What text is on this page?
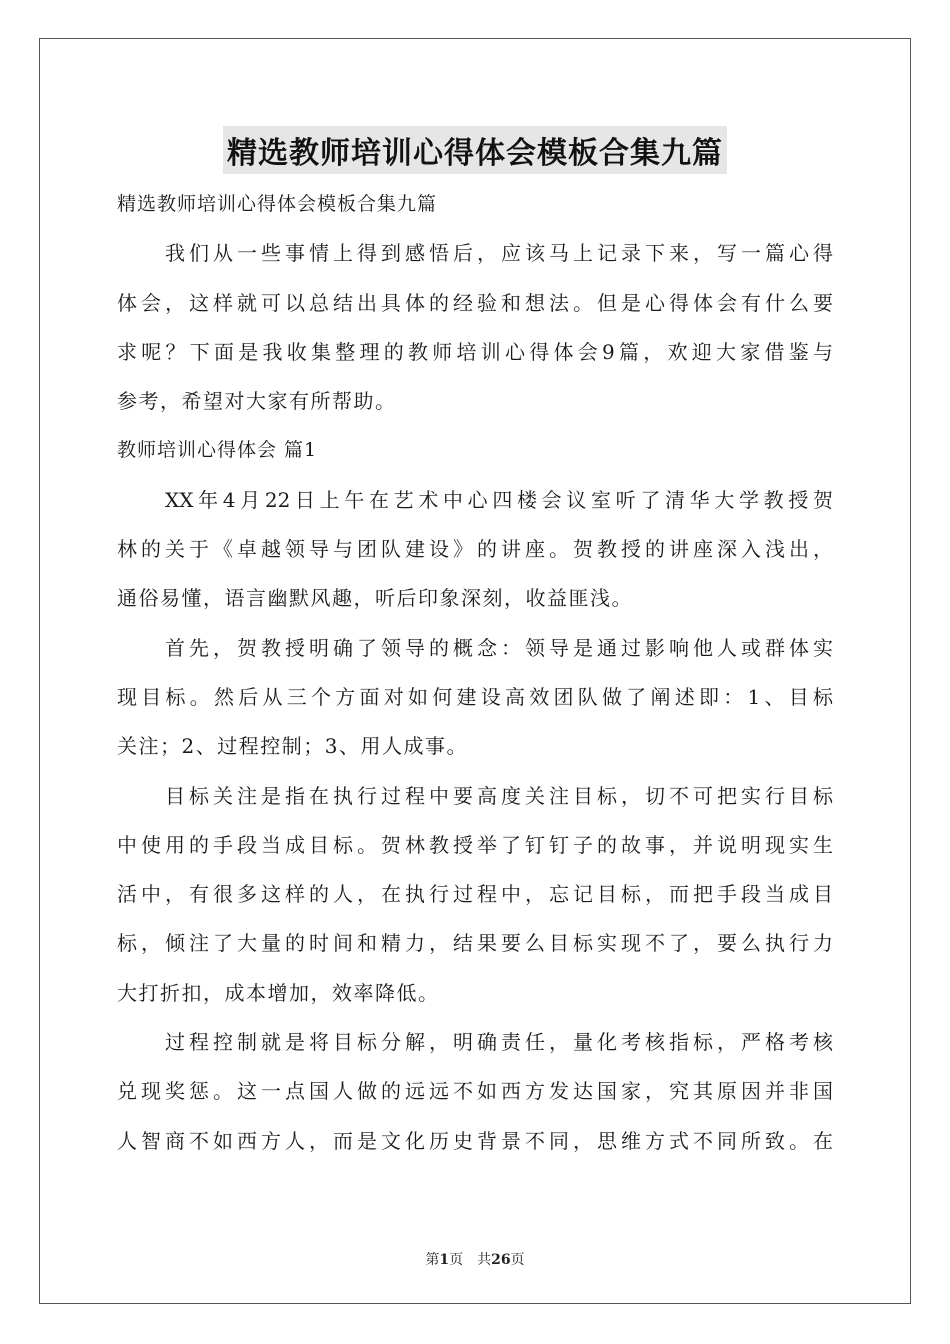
精选教师培训心得体会模板合集九篇
精选教师培训心得体会模板合集九篇
我们从一些事情上得到感悟后，应该马上记录下来，写一篇心得
体会，这样就可以总结出具体的经验和想法。但是心得体会有什么要
求呢？下面是我收集整理的教师培训心得体会9篇，欢迎大家借鉴与
参考，希望对大家有所帮助。
教师培训心得体会 篇1
XX年4月22日上午在艺术中心四楼会议室听了清华大学教授贺
林的关于《卓越领导与团队建设》的讲座。贺教授的讲座深入浅出，
通俗易懂，语言幽默风趣，听后印象深刻，收益匪浅。
首先，贺教授明确了领导的概念：领导是通过影响他人或群体实
现目标。然后从三个方面对如何建设高效团队做了阐述即：1、目标
关注；2、过程控制；3、用人成事。
目标关注是指在执行过程中要高度关注目标，切不可把实行目标
中使用的手段当成目标。贺林教授举了钉钉子的故事，并说明现实生
活中，有很多这样的人，在执行过程中，忘记目标，而把手段当成目
标，倾注了大量的时间和精力，结果要么目标实现不了，要么执行力
大打折扣，成本增加，效率降低。
过程控制就是将目标分解，明确责任，量化考核指标，严格考核
兑现奖惩。这一点国人做的远远不如西方发达国家，究其原因并非国
人智商不如西方人，而是文化历史背景不同，思维方式不同所致。在
第1页　共26页
